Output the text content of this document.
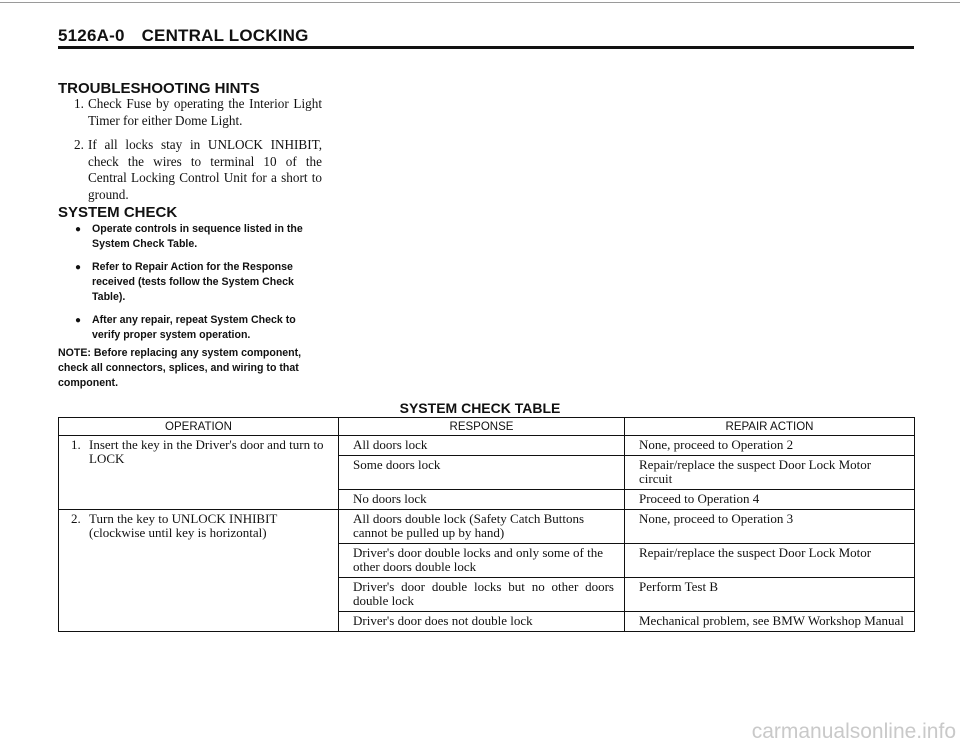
5126A-0 CENTRAL LOCKING
TROUBLESHOOTING HINTS
1. Check Fuse by operating the Interior Light Timer for either Dome Light.
2. If all locks stay in UNLOCK INHIBIT, check the wires to terminal 10 of the Central Locking Control Unit for a short to ground.
SYSTEM CHECK
● Operate controls in sequence listed in the System Check Table.
● Refer to Repair Action for the Response received (tests follow the System Check Table).
● After any repair, repeat System Check to verify proper system operation.
NOTE: Before replacing any system component, check all connectors, splices, and wiring to that component.
SYSTEM CHECK TABLE
OPERATION	RESPONSE	REPAIR ACTION

1. Insert the key in the Driver's door and turn to LOCK	All doors lock	None, proceed to Operation 2
	Some doors lock	Repair/replace the suspect Door Lock Motor circuit
	No doors lock	Proceed to Operation 4

2. Turn the key to UNLOCK INHIBIT (clockwise until key is horizontal)	All doors double lock (Safety Catch Buttons cannot be pulled up by hand)	None, proceed to Operation 3
	Driver's door double locks and only some of the other doors double lock	Repair/replace the suspect Door Lock Motor
	Driver's door double locks but no other doors double lock	Perform Test B
	Driver's door does not double lock	Mechanical problem, see BMW Workshop Manual
carmanualsonline.info
